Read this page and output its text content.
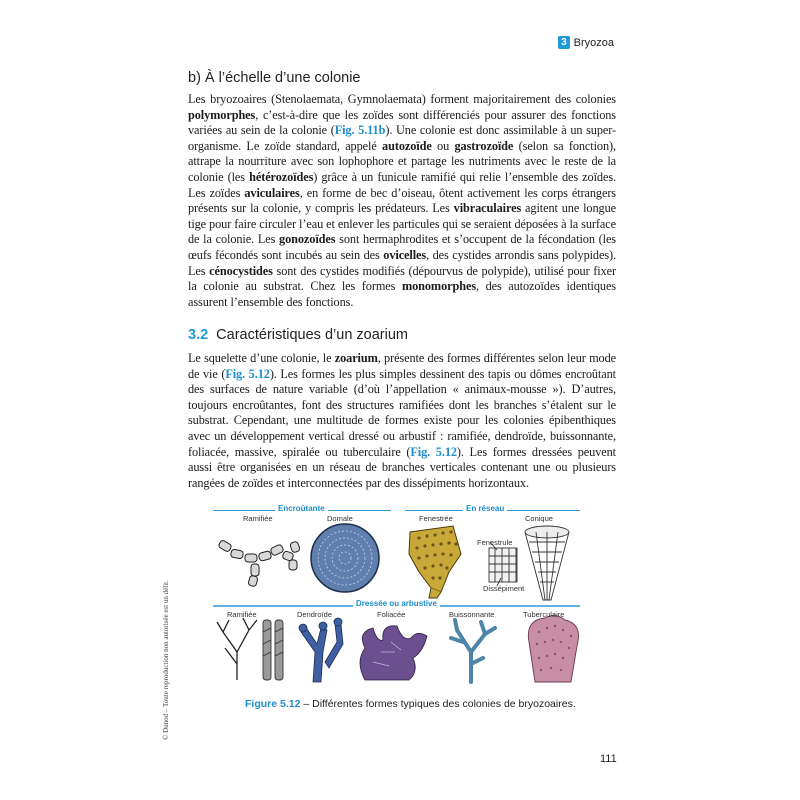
3 Bryozoa
b) À l’échelle d’une colonie

Les bryozoaires (Stenolaemata, Gymnolaemata) forment majoritairement des colonies polymorphes, c’est-à-dire que les zoïdes sont différenciés pour assurer des fonctions variées au sein de la colonie (Fig. 5.11b). Une colonie est donc assimilable à un super-organisme. Le zoïde standard, appelé autozoïde ou gastrozoïde (selon sa fonction), attrape la nourriture avec son lophophore et partage les nutriments avec le reste de la colonie (les hétérozoïdes) grâce à un funicule ramifié qui relie l’ensemble des zoïdes. Les zoïdes aviculaires, en forme de bec d’oiseau, ôtent activement les corps étrangers présents sur la colonie, y compris les prédateurs. Les vibraculaires agitent une longue tige pour faire circuler l’eau et enlever les particules qui se seraient déposées à la surface de la colonie. Les gonozoïdes sont hermaphrodites et s’occupent de la fécondation (les œufs fécondés sont incubés au sein des ovicelles, des cystides arrondis sans polypides). Les cénocystides sont des cystides modifiés (dépourvus de polypide), utilisé pour fixer la colonie au substrat. Chez les formes monomorphes, des autozoïdes identiques assurent l’ensemble des fonctions.

3.2 Caractéristiques d’un zoarium

Le squelette d’une colonie, le zoarium, présente des formes différentes selon leur mode de vie (Fig. 5.12). Les formes les plus simples dessinent des tapis ou dômes encroûtant des surfaces de nature variable (d’où l’appellation « animaux-mousse »). D’autres, toujours encroûtantes, font des structures ramifiées dont les branches s’étalent sur le substrat. Cependant, une multitude de formes existe pour les colonies épibenthiques avec un développement vertical dressé ou arbustif : ramifiée, dendroïde, buissonnante, foliacée, massive, spiralée ou tuberculaire (Fig. 5.12). Les formes dressées peuvent aussi être organisées en un réseau de branches verticales contenant une ou plusieurs rangées de zoïdes et interconnectées par des dissépiments horizontaux.

Encroûtante	En réseau
Ramifiée	Domale	Fenestrée	Conique
Fenestrule
Dissépiment
Dressée ou arbustive
Ramifiée	Dendroïde	Foliacée	Buissonnante	Tuberculaire
Figure 5.12 – Différentes formes typiques des colonies de bryozoaires.
© Dunod – Toute reproduction non autorisée est un délit.
111
